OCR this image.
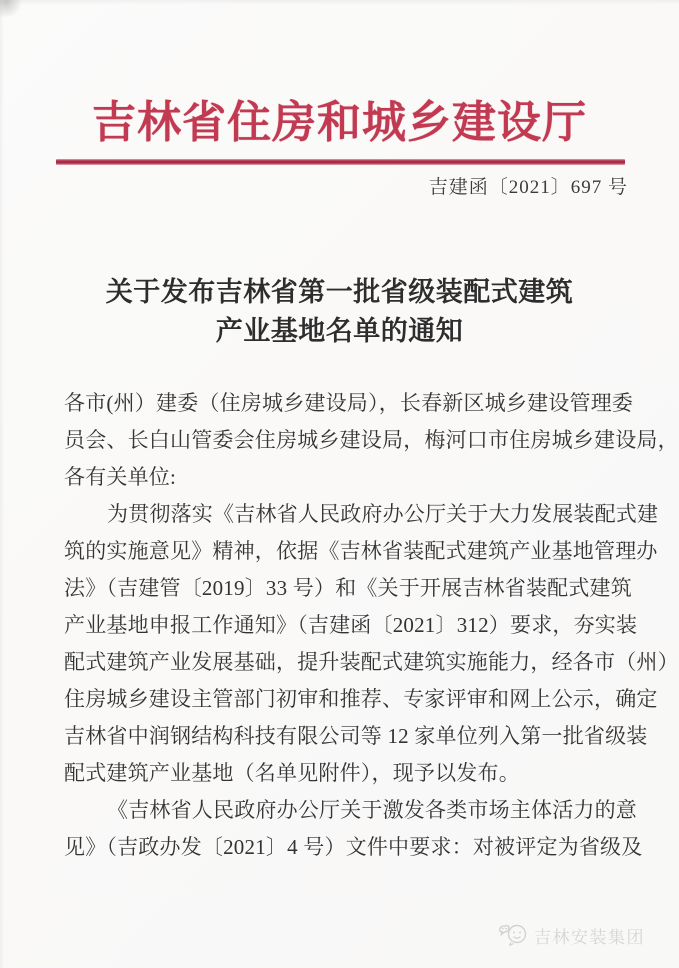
吉林省住房和城乡建设厅
吉建函〔2021〕697 号
关于发布吉林省第一批省级装配式建筑
产业基地名单的通知
各市(州）建委（住房城乡建设局），长春新区城乡建设管理委
员会、长白山管委会住房城乡建设局，梅河口市住房城乡建设局，
各有关单位:
为贯彻落实《吉林省人民政府办公厅关于大力发展装配式建
筑的实施意见》精神，依据《吉林省装配式建筑产业基地管理办
法》（吉建管〔2019〕33 号）和《关于开展吉林省装配式建筑
产业基地申报工作通知》（吉建函〔2021〕312）要求，夯实装
配式建筑产业发展基础，提升装配式建筑实施能力，经各市（州）
住房城乡建设主管部门初审和推荐、专家评审和网上公示，确定
吉林省中润钢结构科技有限公司等 12 家单位列入第一批省级装
配式建筑产业基地（名单见附件），现予以发布。
《吉林省人民政府办公厅关于激发各类市场主体活力的意
见》（吉政办发〔2021〕4 号）文件中要求：对被评定为省级及
吉林安装集团
